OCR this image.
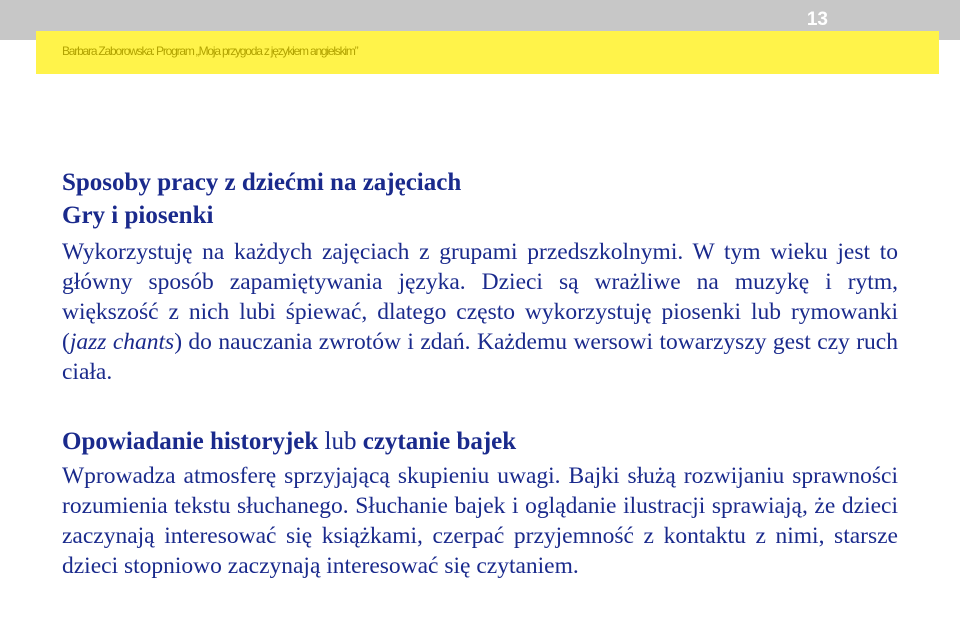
13
Barbara Zaborowska: Program „Moja przygoda z językiem angielskim”

Sposoby pracy z dziećmi na zajęciach

Gry i piosenki

Wykorzystuję na każdych zajęciach z grupami przedszkolnymi. W tym wieku jest to główny sposób zapamiętywania języka. Dzieci są wrażliwe na muzykę i rytm, większość z nich lubi śpiewać, dlatego często wykorzystuję piosenki lub rymowanki (jazz chants) do nauczania zwrotów i zdań. Każdemu wersowi towarzyszy gest czy ruch ciała.

Opowiadanie historyjek lub czytanie bajek

Wprowadza atmosferę sprzyjającą skupieniu uwagi. Bajki służą rozwijaniu sprawności rozumienia tekstu słuchanego. Słuchanie bajek i oglądanie ilustracji sprawiają, że dzieci zaczynają interesować się książkami, czerpać przyjemność z kontaktu z nimi, starsze dzieci stopniowo zaczynają interesować się czytaniem.
